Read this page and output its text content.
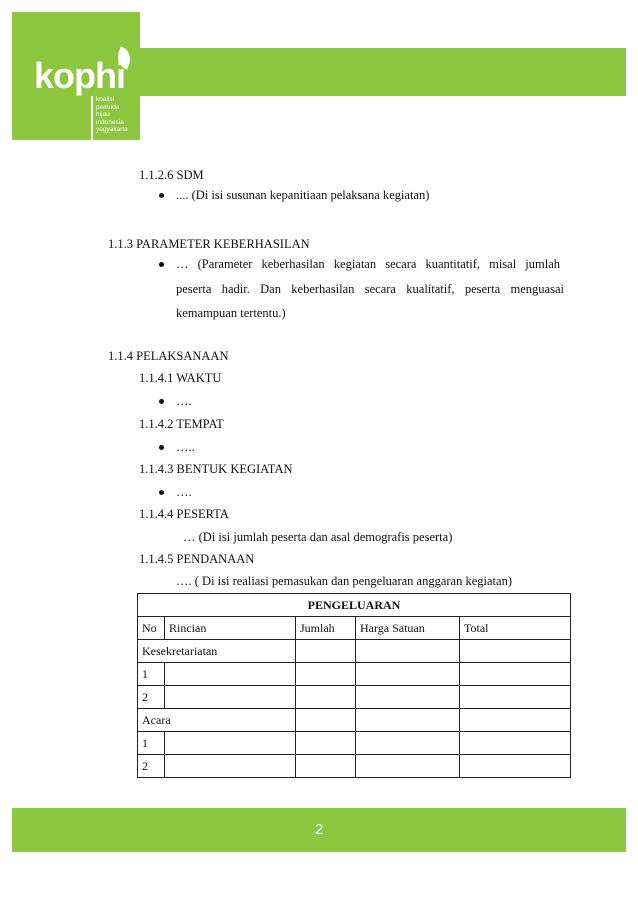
kophi
koalisi
pemuda
hijau
indonesia
yogyakarta
1.1.2.6 SDM
.... (Di isi susunan kepanitiaan pelaksana kegiatan)
1.1.3 PARAMETER KEBERHASILAN
… (Parameter keberhasilan kegiatan secara kuantitatif, misal jumlah
peserta hadir. Dan keberhasilan secara kualitatif, peserta menguasai
kemampuan tertentu.)
1.1.4 PELAKSANAAN
1.1.4.1 WAKTU
….
1.1.4.2 TEMPAT
…..
1.1.4.3 BENTUK KEGIATAN
….
1.1.4.4 PESERTA
… (Di isi jumlah peserta dan asal demografis peserta)
1.1.4.5 PENDANAAN
…. ( Di isi realiasi pemasukan dan pengeluaran anggaran kegiatan)
PENGELUARAN				
No	Rincian	Jumlah	Harga Satuan	Total
Kesekretariatan				
1				
2				
Acara				
1				
2				
2
